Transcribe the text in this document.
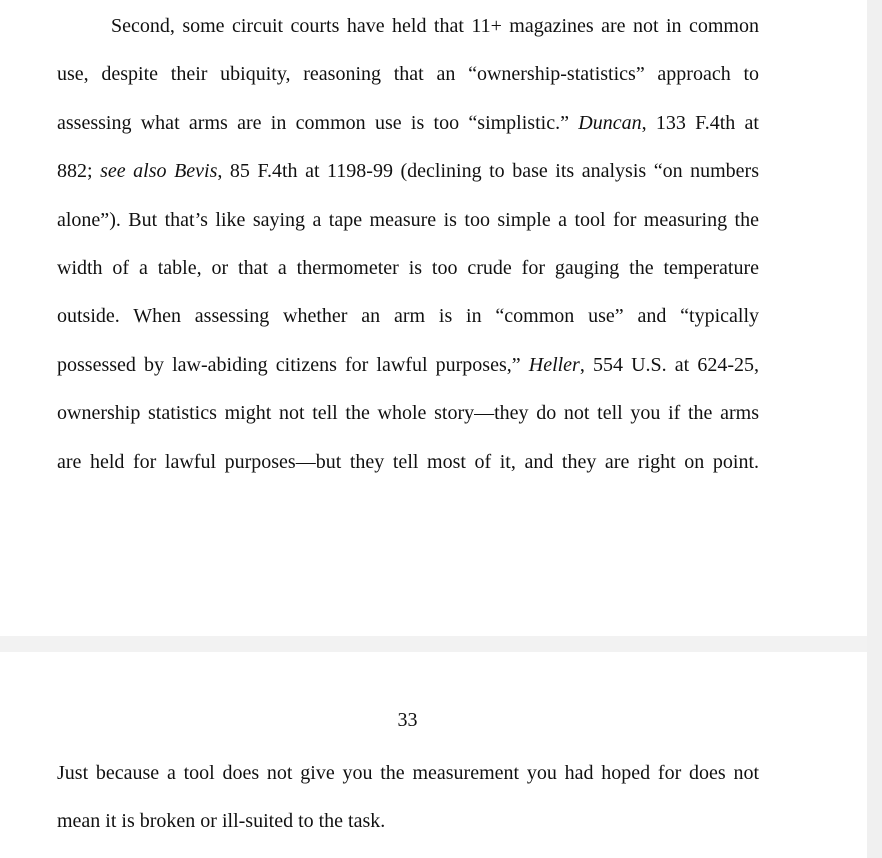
Second, some circuit courts have held that 11+ magazines are not in common
use, despite their ubiquity, reasoning that an “ownership-statistics” approach to
assessing what arms are in common use is too “simplistic.” Duncan, 133 F.4th at
882; see also Bevis, 85 F.4th at 1198-99 (declining to base its analysis “on numbers
alone”). But that’s like saying a tape measure is too simple a tool for measuring the
width of a table, or that a thermometer is too crude for gauging the temperature
outside. When assessing whether an arm is in “common use” and “typically
possessed by law-abiding citizens for lawful purposes,” Heller, 554 U.S. at 624-25,
ownership statistics might not tell the whole story—they do not tell you if the arms
are held for lawful purposes—but they tell most of it, and they are right on point.
33
Just because a tool does not give you the measurement you had hoped for does not
mean it is broken or ill-suited to the task.
